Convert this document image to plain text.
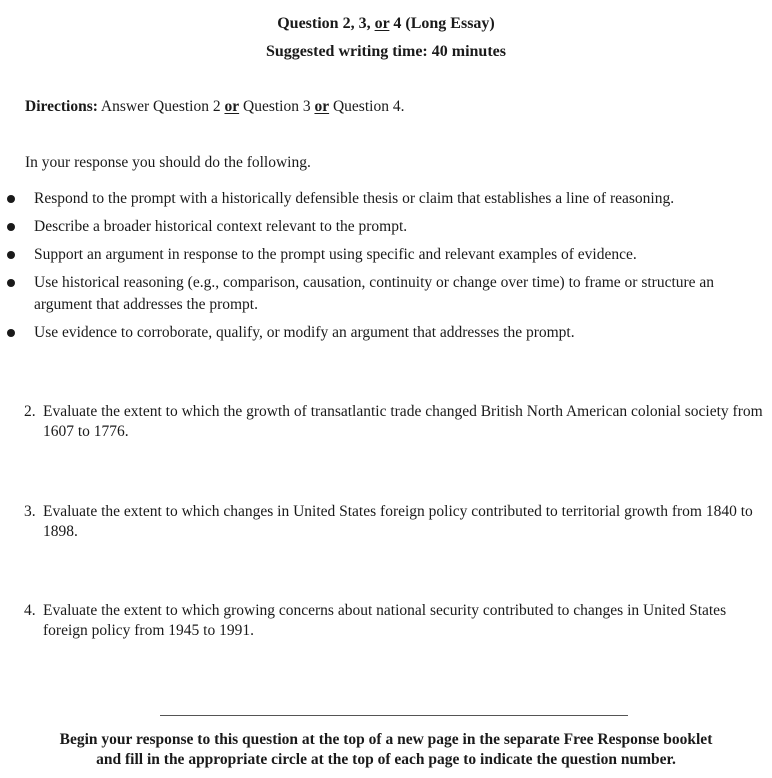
Question 2, 3, or 4 (Long Essay)
Suggested writing time: 40 minutes
Directions: Answer Question 2 or Question 3 or Question 4.
In your response you should do the following.
Respond to the prompt with a historically defensible thesis or claim that establishes a line of reasoning.
Describe a broader historical context relevant to the prompt.
Support an argument in response to the prompt using specific and relevant examples of evidence.
Use historical reasoning (e.g., comparison, causation, continuity or change over time) to frame or structure an argument that addresses the prompt.
Use evidence to corroborate, qualify, or modify an argument that addresses the prompt.
2. Evaluate the extent to which the growth of transatlantic trade changed British North American colonial society from 1607 to 1776.
3. Evaluate the extent to which changes in United States foreign policy contributed to territorial growth from 1840 to 1898.
4. Evaluate the extent to which growing concerns about national security contributed to changes in United States foreign policy from 1945 to 1991.
Begin your response to this question at the top of a new page in the separate Free Response booklet
and fill in the appropriate circle at the top of each page to indicate the question number.
